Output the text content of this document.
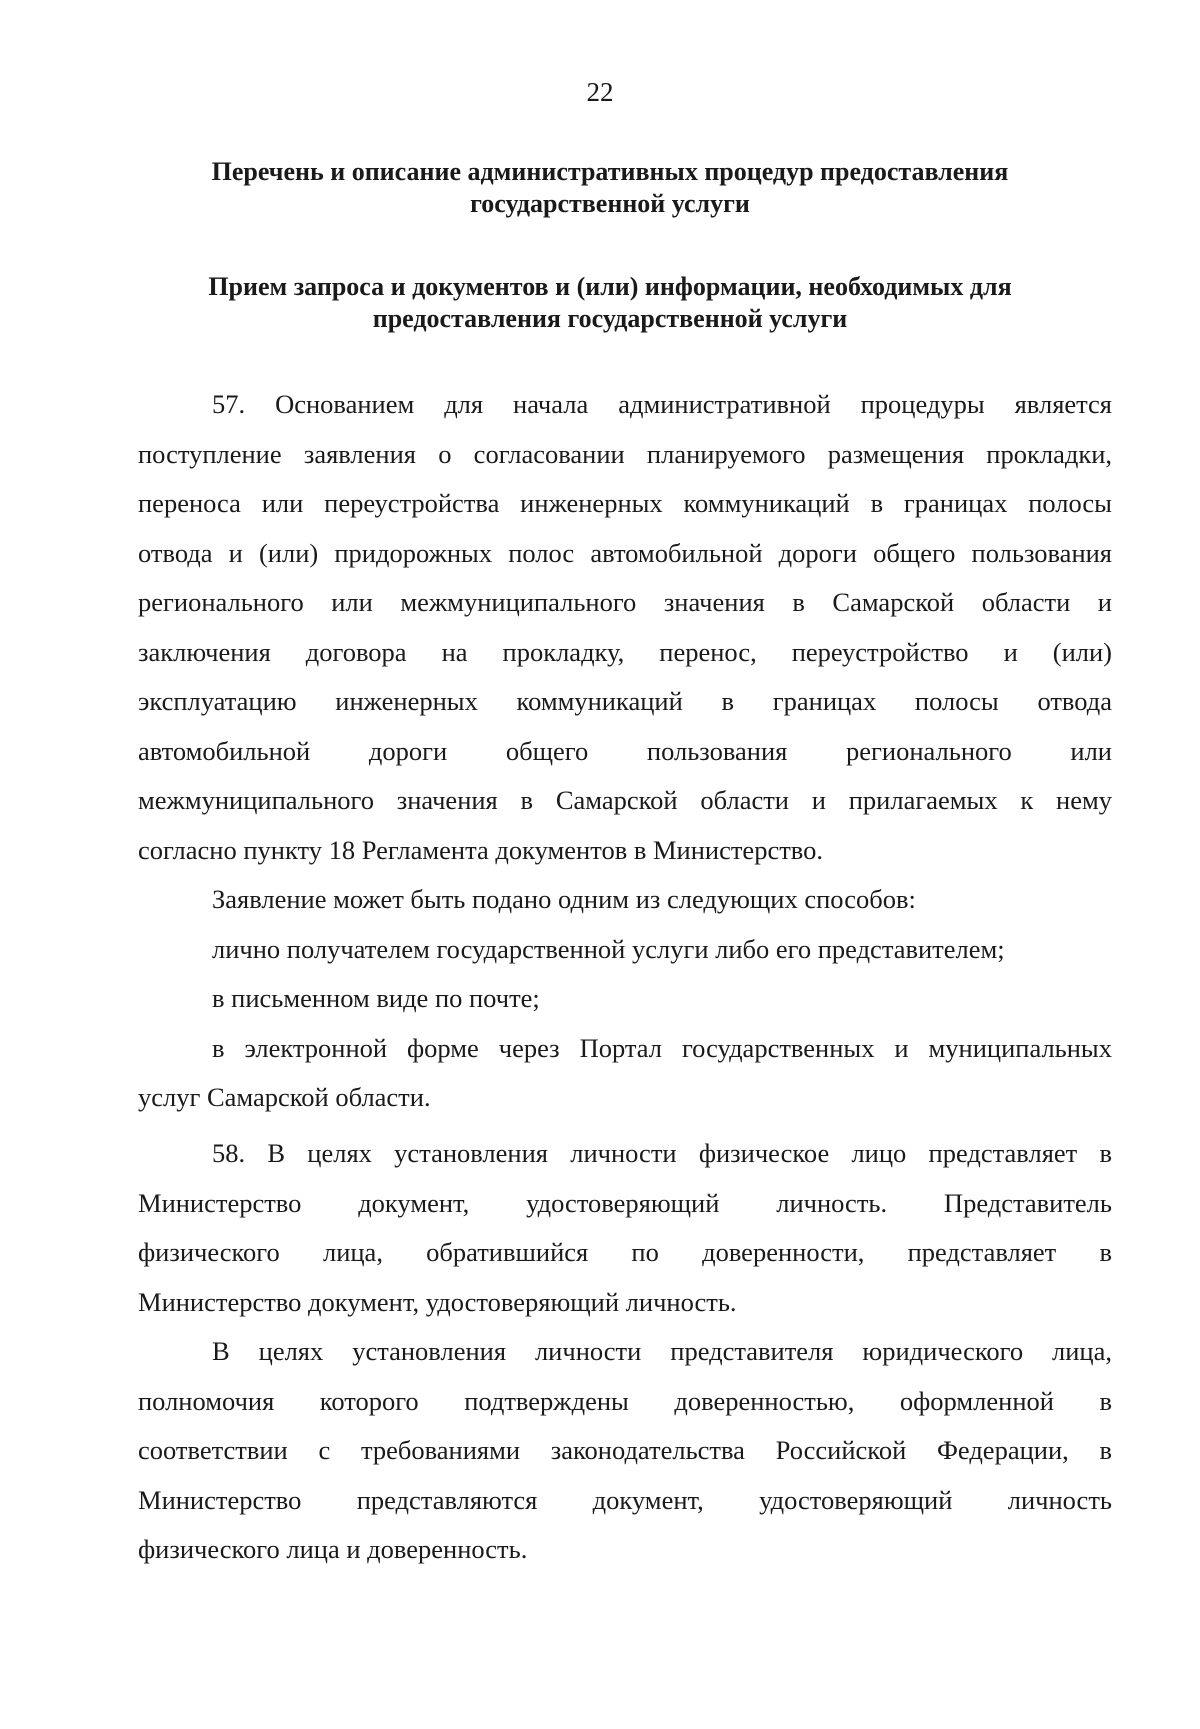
22
Перечень и описание административных процедур предоставления
государственной услуги
Прием запроса и документов и (или) информации, необходимых для
предоставления государственной услуги
57. Основанием для начала административной процедуры является
поступление заявления о согласовании планируемого размещения прокладки,
переноса или переустройства инженерных коммуникаций в границах полосы
отвода и (или) придорожных полос автомобильной дороги общего пользования
регионального или межмуниципального значения в Самарской области и
заключения договора на прокладку, перенос, переустройство и (или)
эксплуатацию инженерных коммуникаций в границах полосы отвода
автомобильной дороги общего пользования регионального или
межмуниципального значения в Самарской области и прилагаемых к нему
согласно пункту 18 Регламента документов в Министерство.
Заявление может быть подано одним из следующих способов:
лично получателем государственной услуги либо его представителем;
в письменном виде по почте;
в электронной форме через Портал государственных и муниципальных
услуг Самарской области.
58. В целях установления личности физическое лицо представляет в
Министерство документ, удостоверяющий личность. Представитель
физического лица, обратившийся по доверенности, представляет в
Министерство документ, удостоверяющий личность.
В целях установления личности представителя юридического лица,
полномочия которого подтверждены доверенностью, оформленной в
соответствии с требованиями законодательства Российской Федерации, в
Министерство представляются документ, удостоверяющий личность
физического лица и доверенность.
